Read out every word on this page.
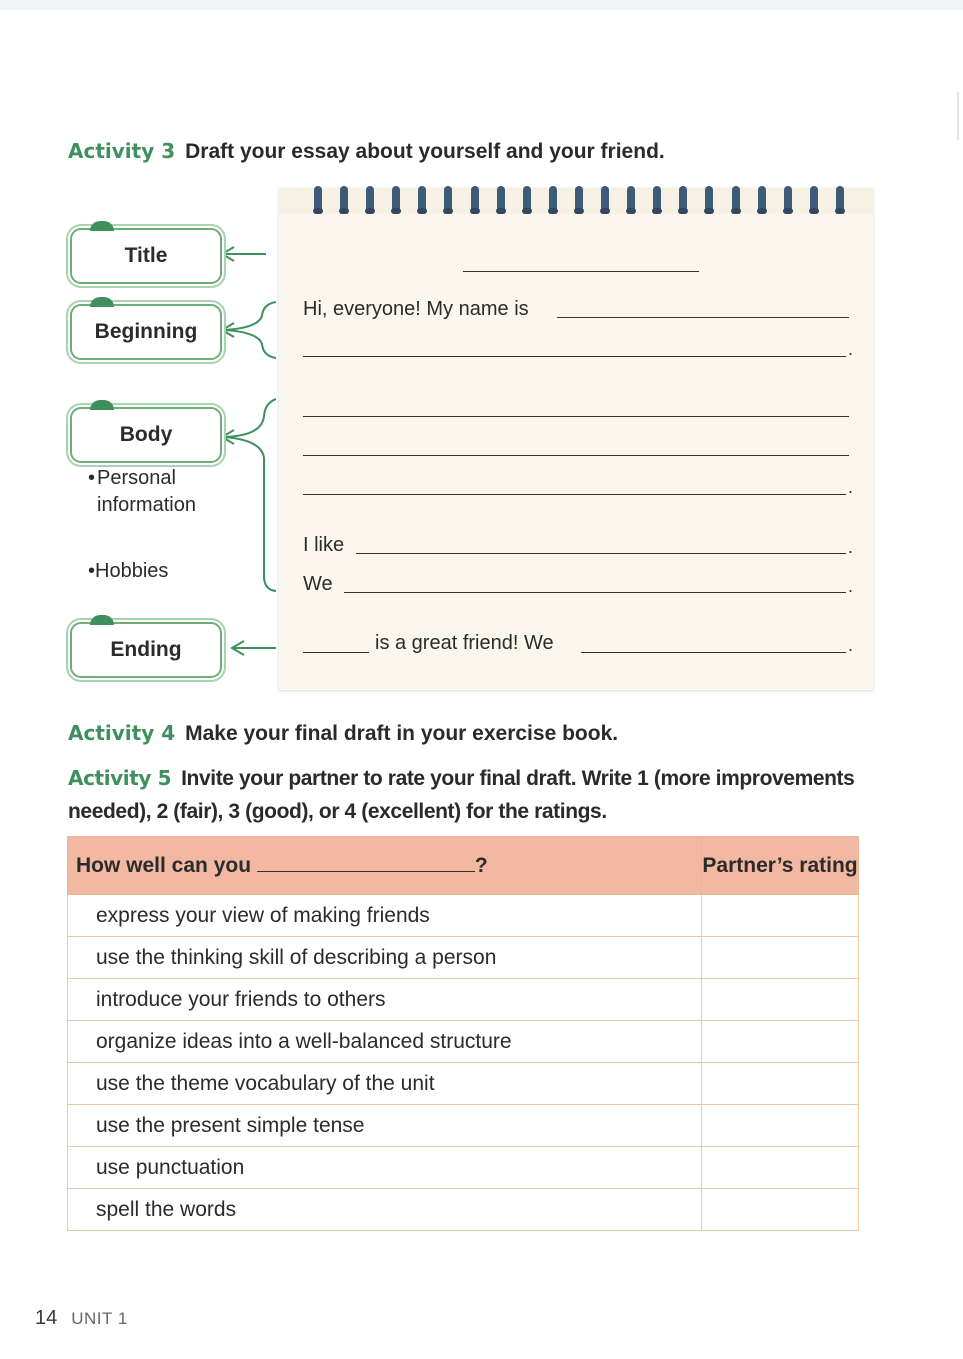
Activity 3 Draft your essay about yourself and your friend.
Title
Beginning
Body
• Personal information
•Hobbies
Ending
Hi, everyone! My name is
.
.
I like	.
We	.
is a great friend! We	.
Activity 4 Make your final draft in your exercise book.
Activity 5 Invite your partner to rate your final draft. Write 1 (more improvements needed), 2 (fair), 3 (good), or 4 (excellent) for the ratings.
How well can you ?	Partner’s rating
express your view of making friends	
use the thinking skill of describing a person	
introduce your friends to others	
organize ideas into a well-balanced structure	
use the theme vocabulary of the unit	
use the present simple tense	
use punctuation	
spell the words	
14 UNIT 1
